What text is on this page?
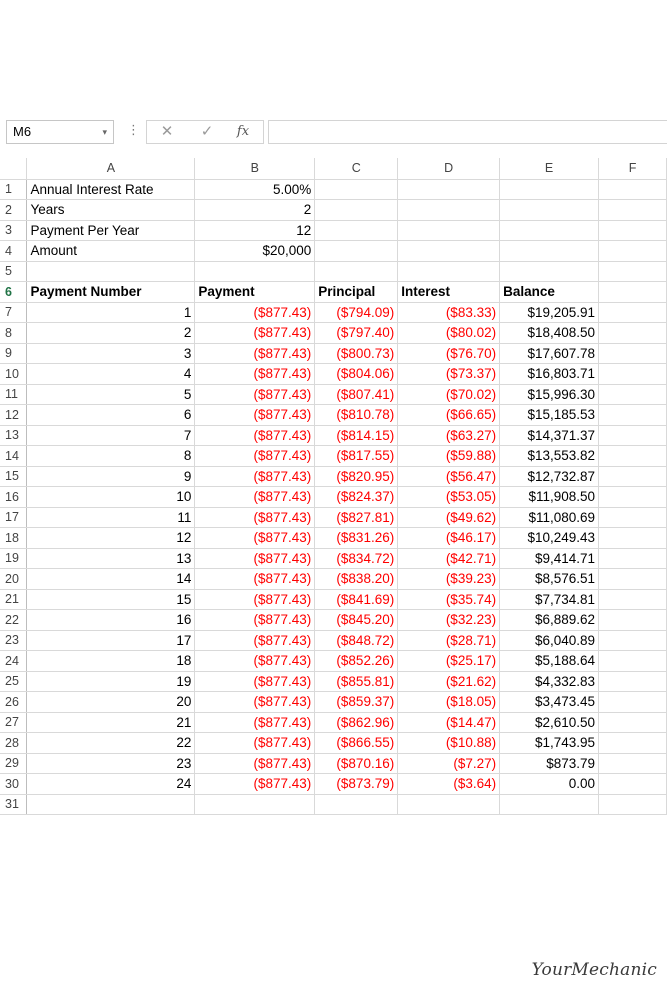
M6	▾ ⋮	✕	✓	fx
	A	B	C	D	E	F
1	Annual Interest Rate	5.00%				
2	Years	2				
3	Payment Per Year	12				
4	Amount	$20,000				
5						
6	Payment Number	Payment	Principal	Interest	Balance	
7	1	($877.43)	($794.09)	($83.33)	$19,205.91	
8	2	($877.43)	($797.40)	($80.02)	$18,408.50	
9	3	($877.43)	($800.73)	($76.70)	$17,607.78	
10	4	($877.43)	($804.06)	($73.37)	$16,803.71	
11	5	($877.43)	($807.41)	($70.02)	$15,996.30	
12	6	($877.43)	($810.78)	($66.65)	$15,185.53	
13	7	($877.43)	($814.15)	($63.27)	$14,371.37	
14	8	($877.43)	($817.55)	($59.88)	$13,553.82	
15	9	($877.43)	($820.95)	($56.47)	$12,732.87	
16	10	($877.43)	($824.37)	($53.05)	$11,908.50	
17	11	($877.43)	($827.81)	($49.62)	$11,080.69	
18	12	($877.43)	($831.26)	($46.17)	$10,249.43	
19	13	($877.43)	($834.72)	($42.71)	$9,414.71	
20	14	($877.43)	($838.20)	($39.23)	$8,576.51	
21	15	($877.43)	($841.69)	($35.74)	$7,734.81	
22	16	($877.43)	($845.20)	($32.23)	$6,889.62	
23	17	($877.43)	($848.72)	($28.71)	$6,040.89	
24	18	($877.43)	($852.26)	($25.17)	$5,188.64	
25	19	($877.43)	($855.81)	($21.62)	$4,332.83	
26	20	($877.43)	($859.37)	($18.05)	$3,473.45	
27	21	($877.43)	($862.96)	($14.47)	$2,610.50	
28	22	($877.43)	($866.55)	($10.88)	$1,743.95	
29	23	($877.43)	($870.16)	($7.27)	$873.79	
30	24	($877.43)	($873.79)	($3.64)	0.00	
31						
YourMechanic
